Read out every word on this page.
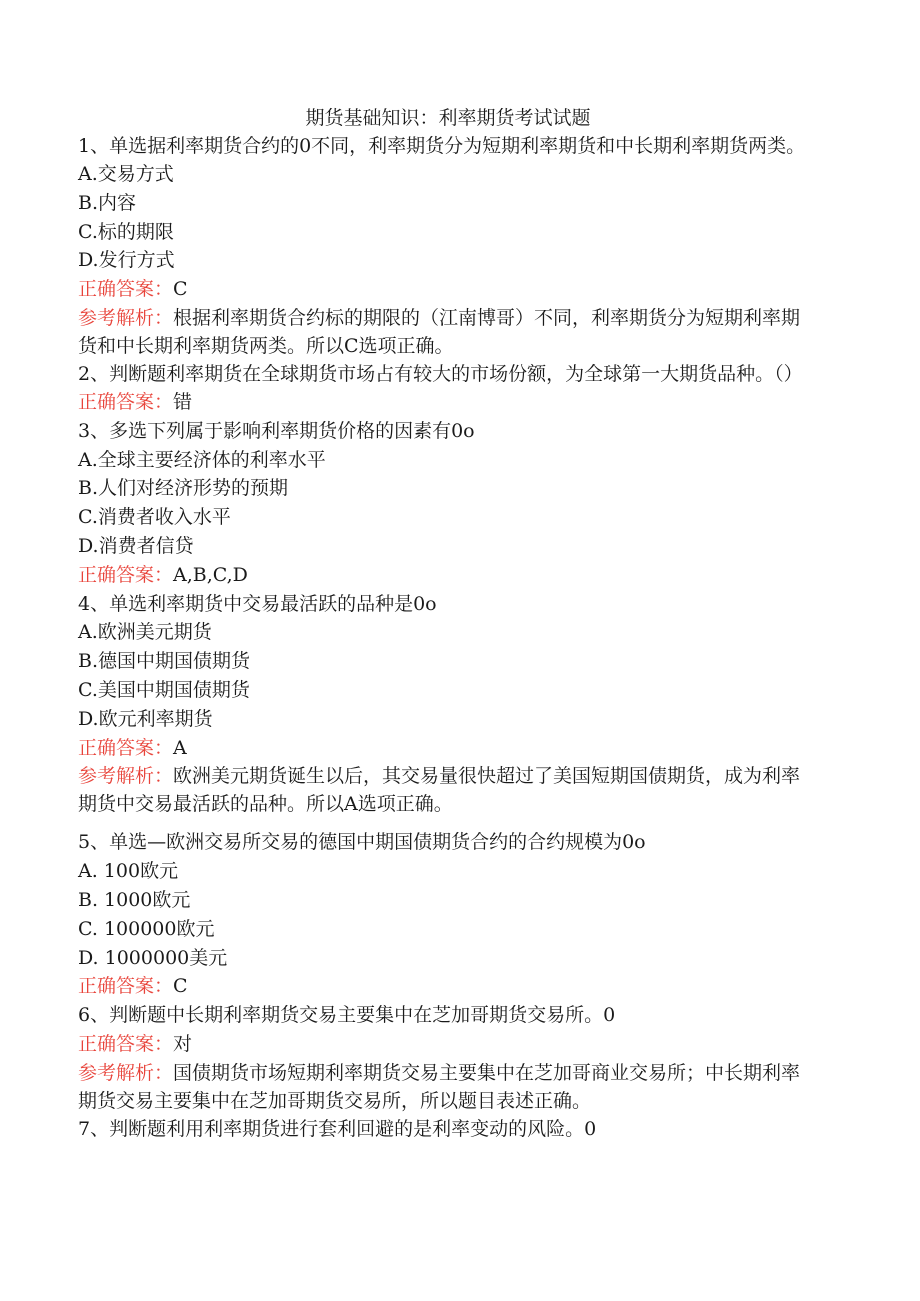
期货基础知识：利率期货考试试题

1、单选据利率期货合约的0不同，利率期货分为短期利率期货和中长期利率期货两类。

A.交易方式

B.内容

C.标的期限

D.发行方式

正确答案：C

参考解析：根据利率期货合约标的期限的（江南博哥）不同，利率期货分为短期利率期货和中长期利率期货两类。所以C选项正确。

2、判断题利率期货在全球期货市场占有较大的市场份额，为全球第一大期货品种。（）

正确答案：错

3、多选下列属于影响利率期货价格的因素有0o

A.全球主要经济体的利率水平

B.人们对经济形势的预期

C.消费者收入水平

D.消费者信贷

正确答案：A,B,C,D

4、单选利率期货中交易最活跃的品种是0o

A.欧洲美元期货

B.德国中期国债期货

C.美国中期国债期货

D.欧元利率期货

正确答案：A

参考解析：欧洲美元期货诞生以后，其交易量很快超过了美国短期国债期货，成为利率期货中交易最活跃的品种。所以A选项正确。

5、单选—欧洲交易所交易的德国中期国债期货合约的合约规模为0o

A. 100欧元

B. 1000欧元

C. 100000欧元

D. 1000000美元

正确答案：C

6、判断题中长期利率期货交易主要集中在芝加哥期货交易所。0

正确答案：对

参考解析：国债期货市场短期利率期货交易主要集中在芝加哥商业交易所；中长期利率期货交易主要集中在芝加哥期货交易所，所以题目表述正确。

7、判断题利用利率期货进行套利回避的是利率变动的风险。0
